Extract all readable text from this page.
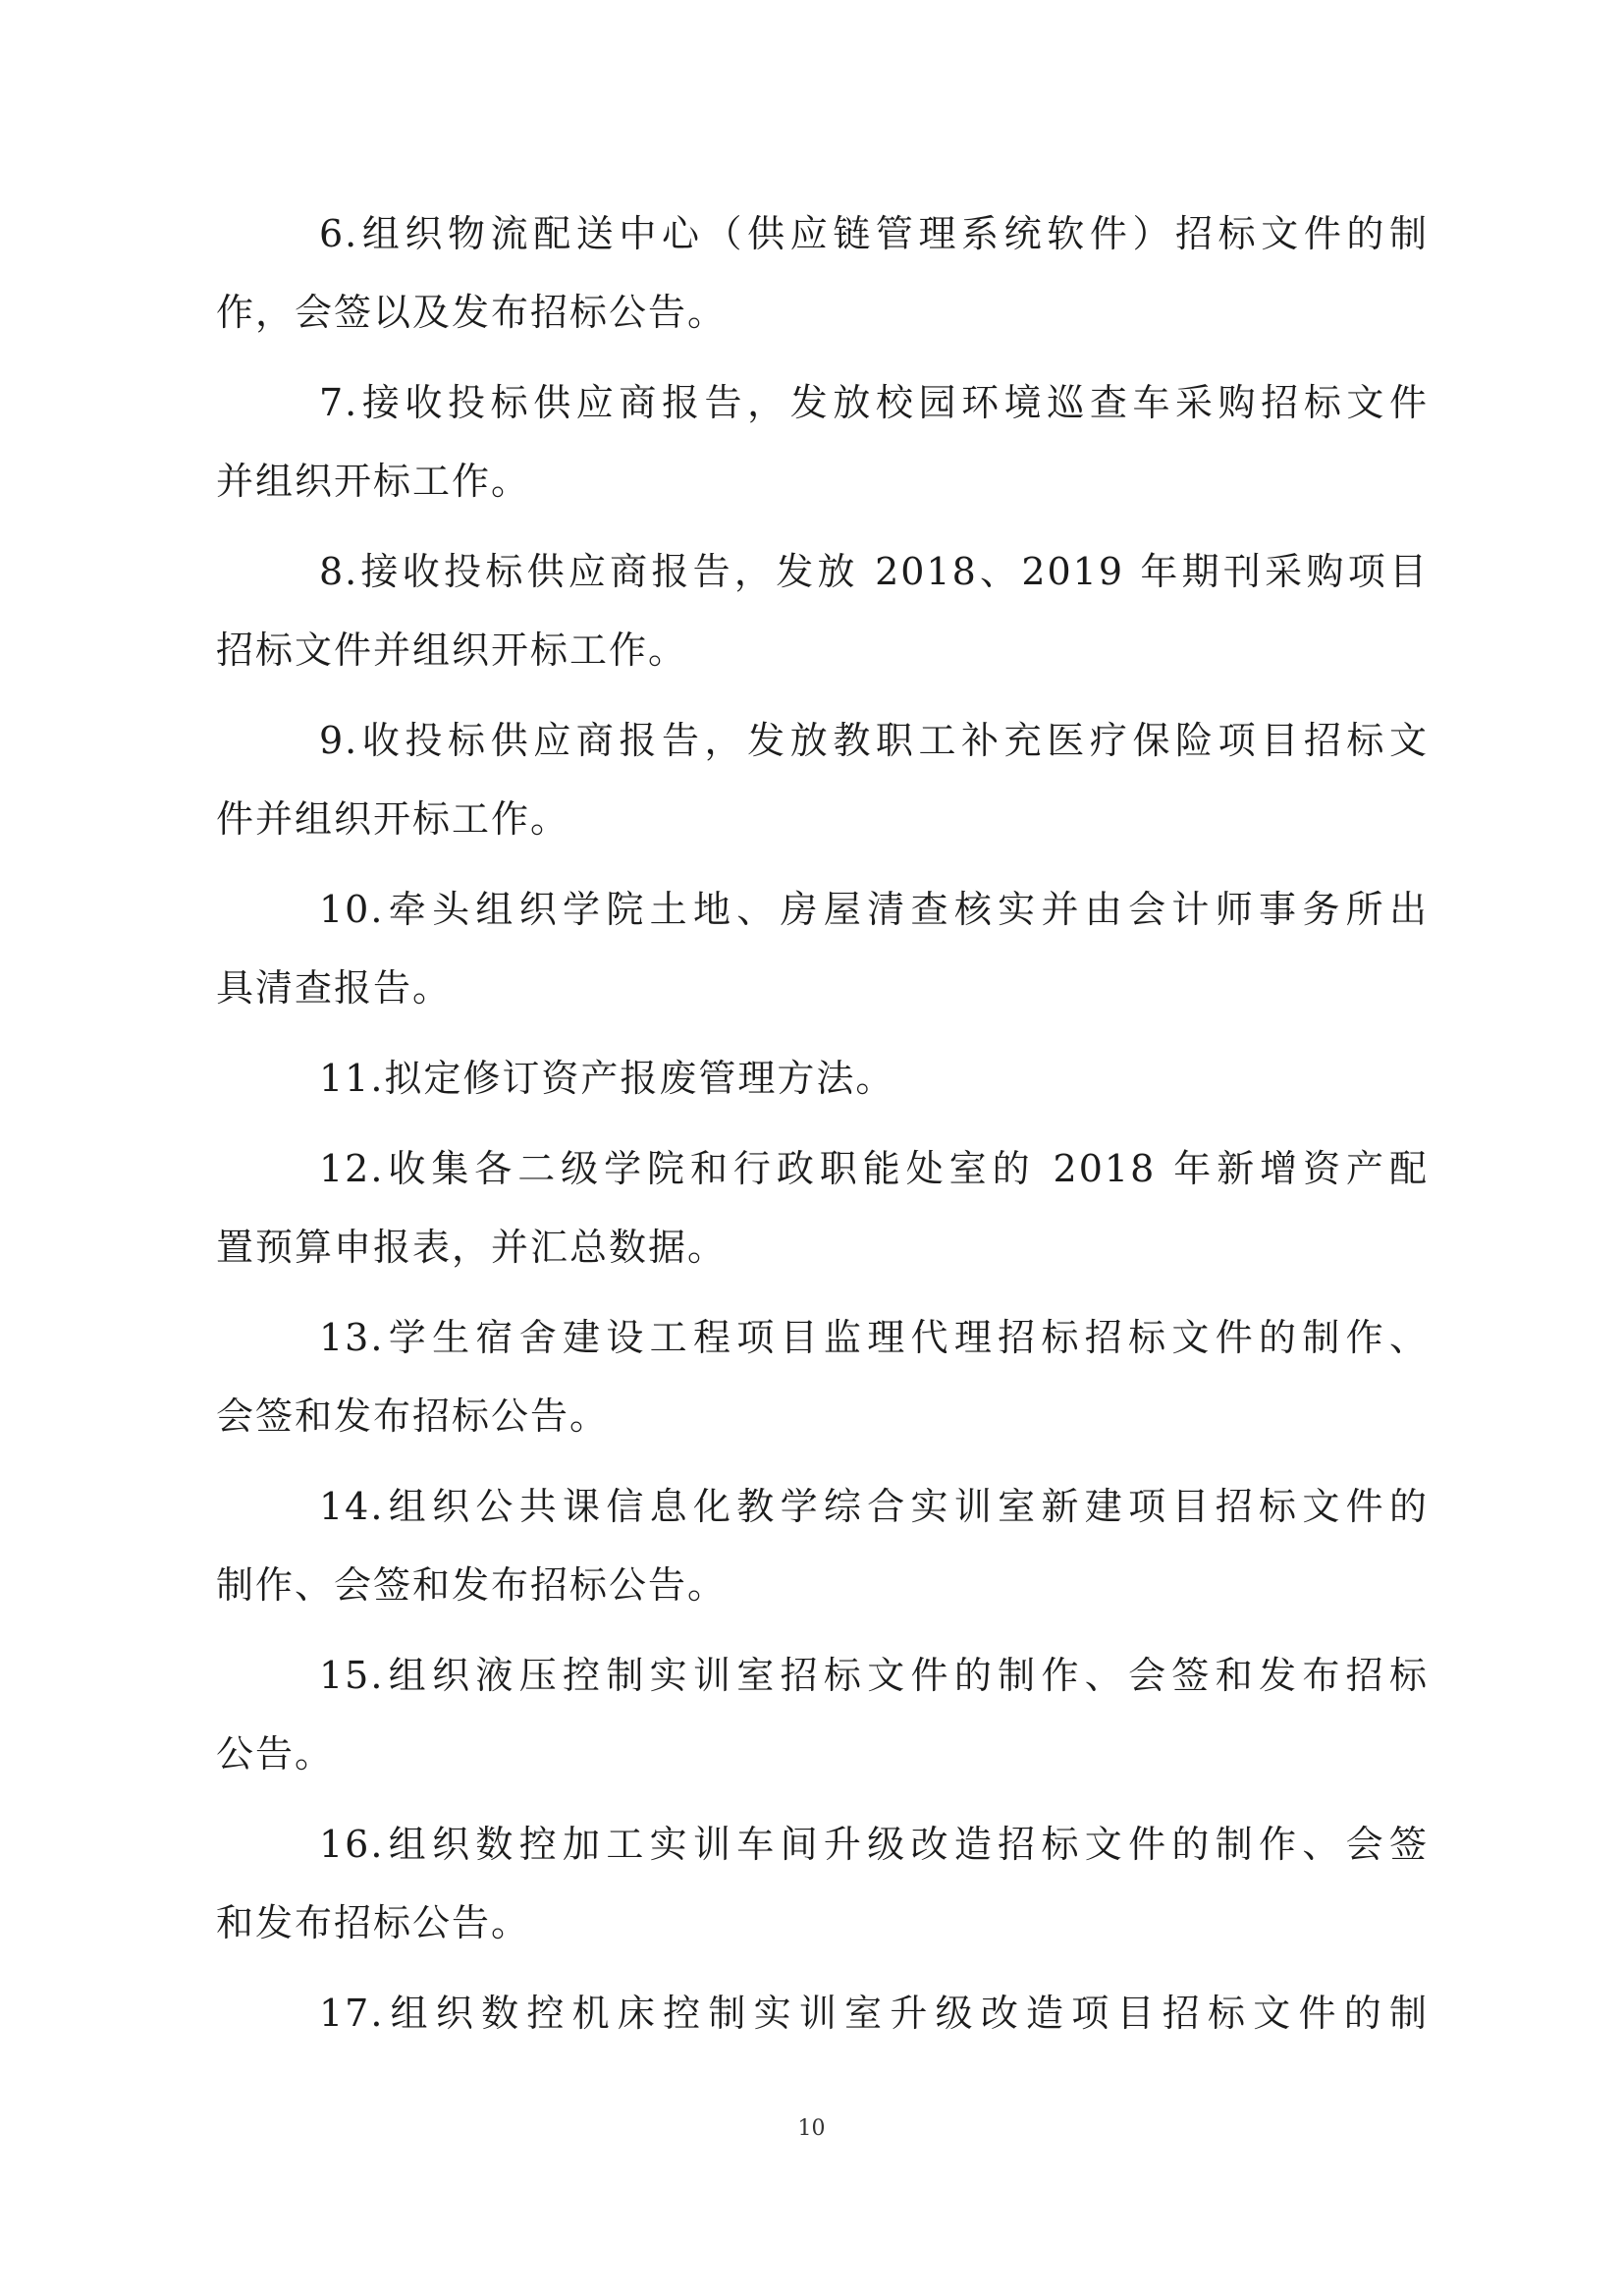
6.组织物流配送中心（供应链管理系统软件）招标文件的制
作，会签以及发布招标公告。

7.接收投标供应商报告，发放校园环境巡查车采购招标文件
并组织开标工作。

8.接收投标供应商报告，发放 2018、2019 年期刊采购项目
招标文件并组织开标工作。

9.收投标供应商报告，发放教职工补充医疗保险项目招标文
件并组织开标工作。

10.牵头组织学院土地、房屋清查核实并由会计师事务所出
具清查报告。

11.拟定修订资产报废管理方法。

12.收集各二级学院和行政职能处室的 2018 年新增资产配
置预算申报表，并汇总数据。

13.学生宿舍建设工程项目监理代理招标招标文件的制作、
会签和发布招标公告。

14.组织公共课信息化教学综合实训室新建项目招标文件的
制作、会签和发布招标公告。

15.组织液压控制实训室招标文件的制作、会签和发布招标
公告。

16.组织数控加工实训车间升级改造招标文件的制作、会签
和发布招标公告。

17.组织数控机床控制实训室升级改造项目招标文件的制

10
